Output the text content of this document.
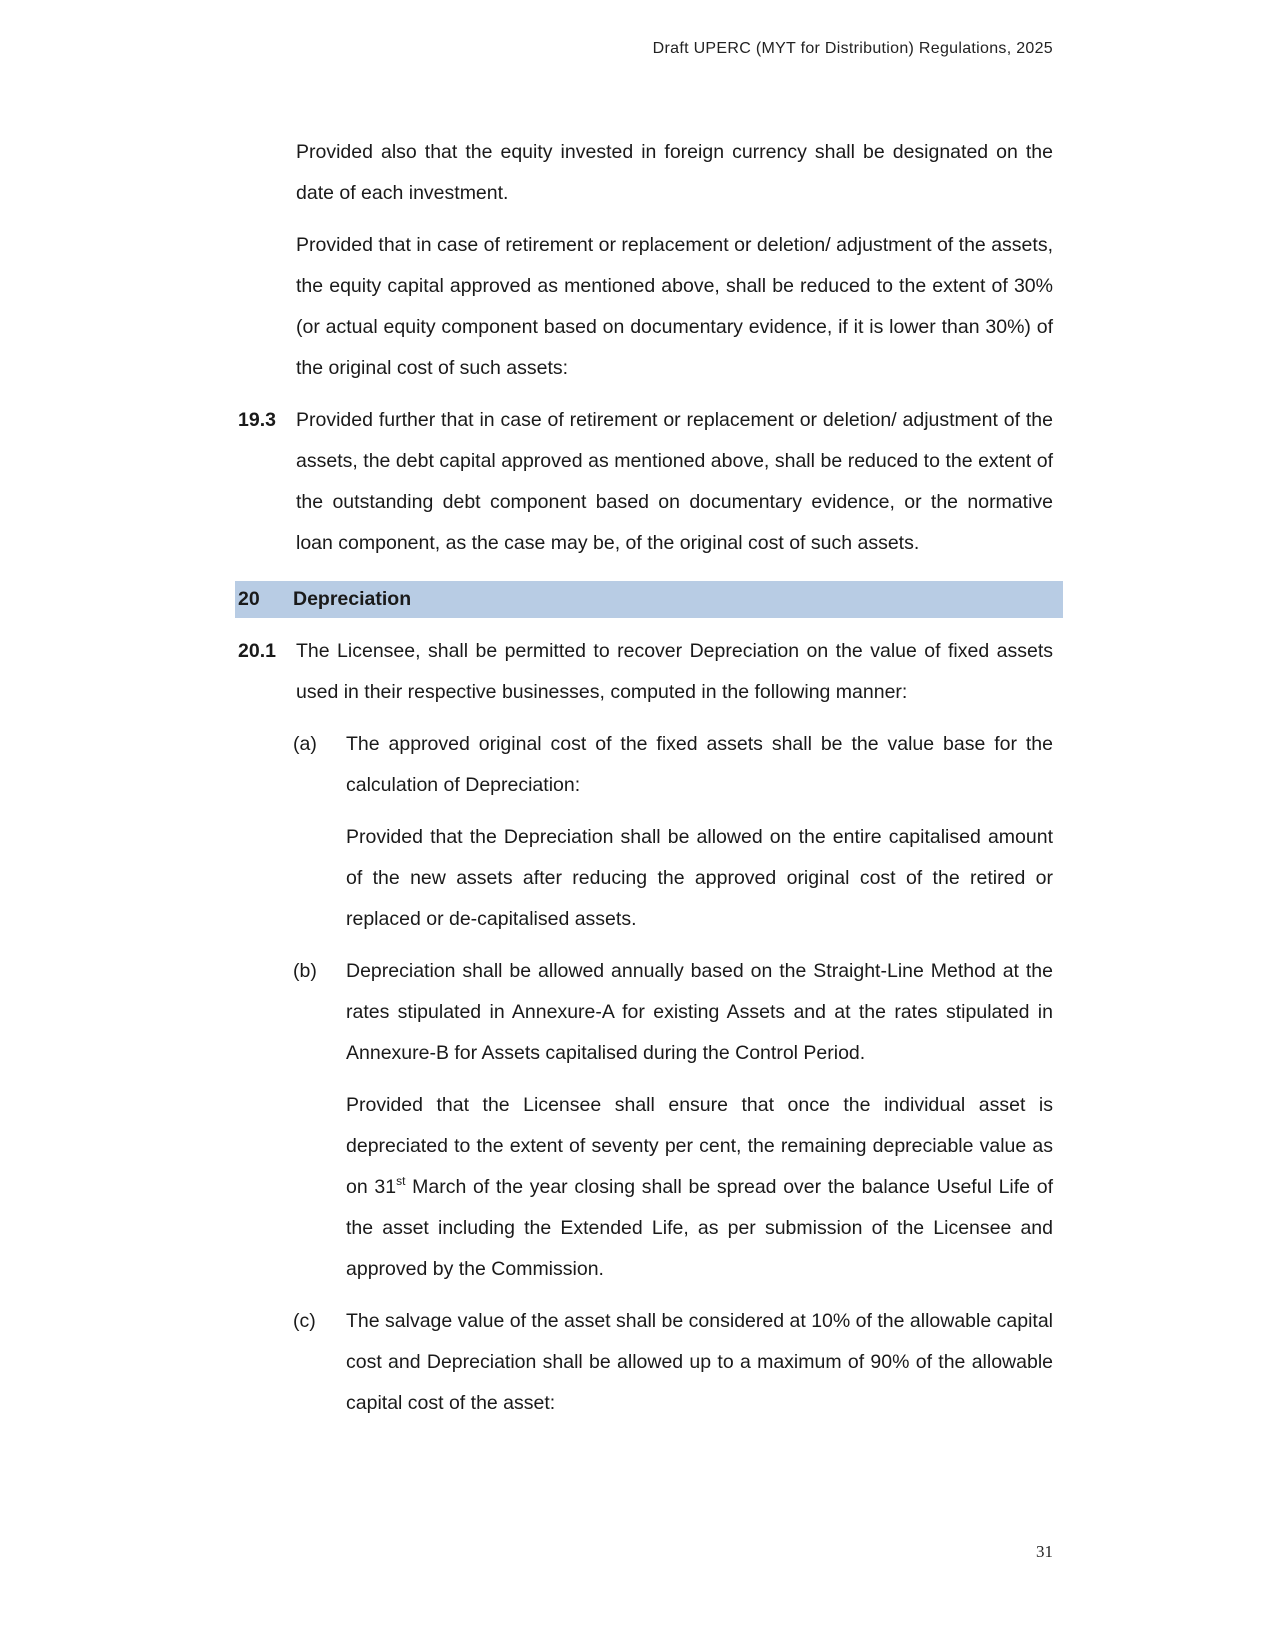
Draft UPERC (MYT for Distribution) Regulations, 2025

Provided also that the equity invested in foreign currency shall be designated on the date of each investment.

Provided that in case of retirement or replacement or deletion/ adjustment of the assets, the equity capital approved as mentioned above, shall be reduced to the extent of 30% (or actual equity component based on documentary evidence, if it is lower than 30%) of the original cost of such assets:

19.3 Provided further that in case of retirement or replacement or deletion/ adjustment of the assets, the debt capital approved as mentioned above, shall be reduced to the extent of the outstanding debt component based on documentary evidence, or the normative loan component, as the case may be, of the original cost of such assets.
20 Depreciation
20.1 The Licensee, shall be permitted to recover Depreciation on the value of fixed assets used in their respective businesses, computed in the following manner:
(a) The approved original cost of the fixed assets shall be the value base for the calculation of Depreciation:

Provided that the Depreciation shall be allowed on the entire capitalised amount of the new assets after reducing the approved original cost of the retired or replaced or de-capitalised assets.

(b) Depreciation shall be allowed annually based on the Straight-Line Method at the rates stipulated in Annexure-A for existing Assets and at the rates stipulated in Annexure-B for Assets capitalised during the Control Period.

Provided that the Licensee shall ensure that once the individual asset is depreciated to the extent of seventy per cent, the remaining depreciable value as on 31st March of the year closing shall be spread over the balance Useful Life of the asset including the Extended Life, as per submission of the Licensee and approved by the Commission.

(c) The salvage value of the asset shall be considered at 10% of the allowable capital cost and Depreciation shall be allowed up to a maximum of 90% of the allowable capital cost of the asset:
31
